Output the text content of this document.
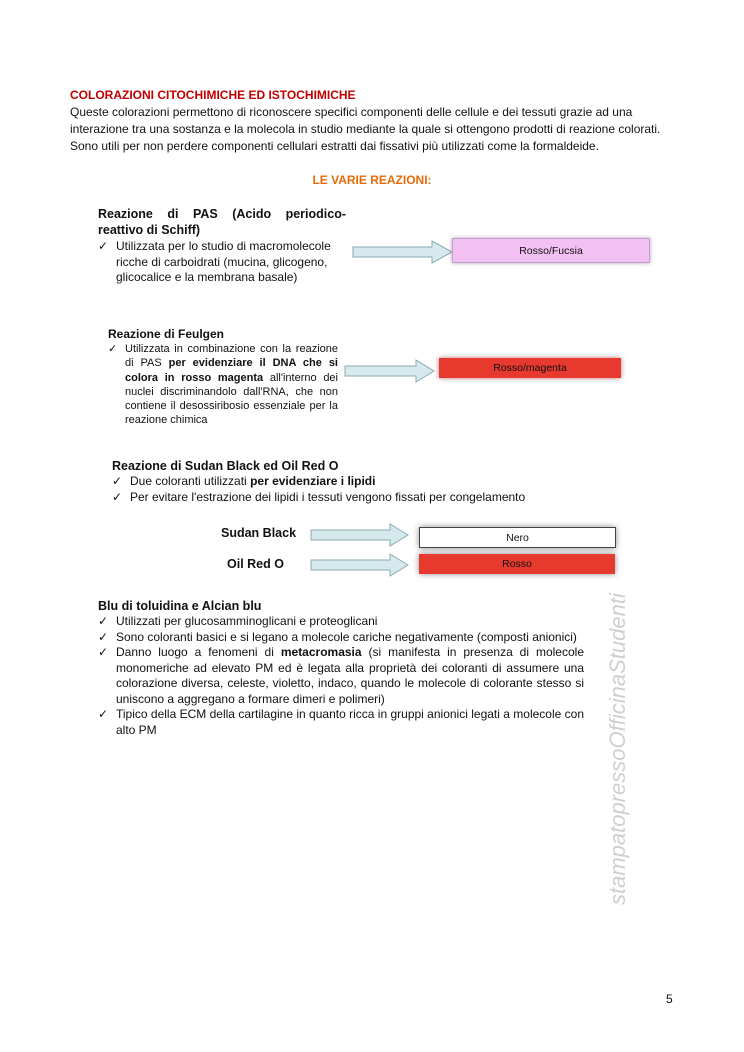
COLORAZIONI CITOCHIMICHE ED ISTOCHIMICHE
Queste colorazioni permettono di riconoscere specifici componenti delle cellule e dei tessuti grazie ad una interazione tra una sostanza e la molecola in studio mediante la quale si ottengono prodotti di reazione colorati. Sono utili per non perdere componenti cellulari estratti dai fissativi più utilizzati come la formaldeide.
LE VARIE REAZIONI:
Reazione di PAS (Acido periodico-reattivo di Schiff)
✓ Utilizzata per lo studio di macromolecole ricche di carboidrati (mucina, glicogeno, glicocalice e la membrana basale)
Rosso/Fucsia
Reazione di Feulgen
✓ Utilizzata in combinazione con la reazione di PAS per evidenziare il DNA che si colora in rosso magenta all'interno dei nuclei discriminandolo dall'RNA, che non contiene il desossiribosio essenziale per la reazione chimica
Rosso/magenta
Reazione di Sudan Black ed Oil Red O
✓ Due coloranti utilizzati per evidenziare i lipidi
✓ Per evitare l'estrazione dei lipidi i tessuti vengono fissati per congelamento
Sudan Black	Nero
Oil Red O	Rosso
Blu di toluidina e Alcian blu
✓ Utilizzati per glucosamminoglicani e proteoglicani
✓ Sono coloranti basici e si legano a molecole cariche negativamente (composti anionici)
✓ Danno luogo a fenomeni di metacromasia (si manifesta in presenza di molecole monomeriche ad elevato PM ed è legata alla proprietà dei coloranti di assumere una colorazione diversa, celeste, violetto, indaco, quando le molecole di colorante stesso si uniscono a aggregano a formare dimeri e polimeri)
✓ Tipico della ECM della cartilagine in quanto ricca in gruppi anionici legati a molecole con alto PM	stampatopressoOfficinaStudenti
5
